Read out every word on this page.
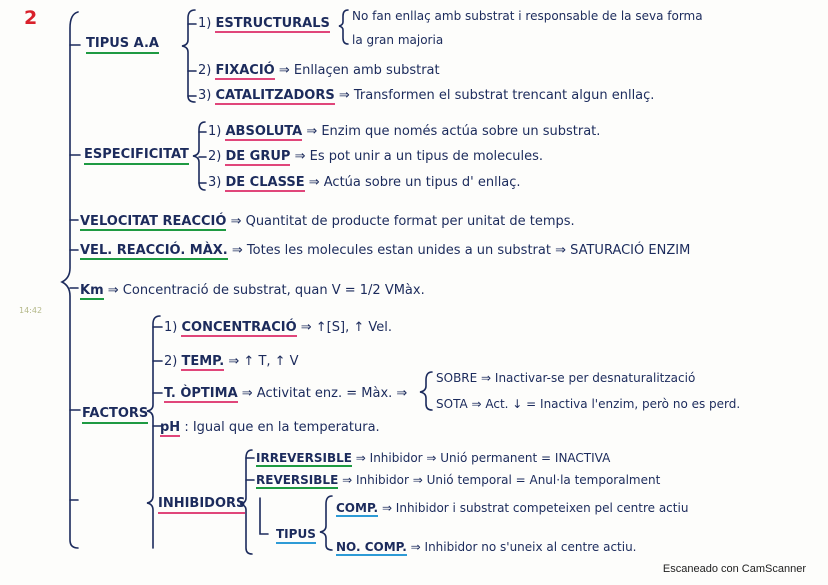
2
14:42
TIPUS A.A
1) ESTRUCTURALS No fan enllaç amb substrat i responsable de la seva forma
la gran majoria
2) FIXACIÓ ⇒ Enllaçen amb substrat
3) CATALITZADORS ⇒ Transformen el substrat trencant algun enllaç.
ESPECIFICITAT
1) ABSOLUTA ⇒ Enzim que només actúa sobre un substrat.
2) DE GRUP ⇒ Es pot unir a un tipus de molecules.
3) DE CLASSE ⇒ Actúa sobre un tipus d' enllaç.
VELOCITAT REACCIÓ ⇒ Quantitat de producte format per unitat de temps.
VEL. REACCIÓ. MÀX. ⇒ Totes les molecules estan unides a un substrat ⇒ SATURACIÓ ENZIM
Km ⇒ Concentració de substrat, quan V = 1/2 VMàx.
FACTORS
1) CONCENTRACIÓ ⇒ ↑[S], ↑ Vel.
2) TEMP. ⇒ ↑ T, ↑ V
T. ÒPTIMA ⇒ Activitat enz. = Màx. ⇒
SOBRE ⇒ Inactivar-se per desnaturalització
SOTA ⇒ Act. ↓ = Inactiva l'enzim, però no es perd.
pH : Igual que en la temperatura.
INHIBIDORS
IRREVERSIBLE ⇒ Inhibidor ⇒ Unió permanent = INACTIVA
REVERSIBLE ⇒ Inhibidor ⇒ Unió temporal = Anul·la temporalment
TIPUS
COMP. ⇒ Inhibidor i substrat competeixen pel centre actiu
NO. COMP. ⇒ Inhibidor no s'uneix al centre actiu.
Escaneado con CamScanner
